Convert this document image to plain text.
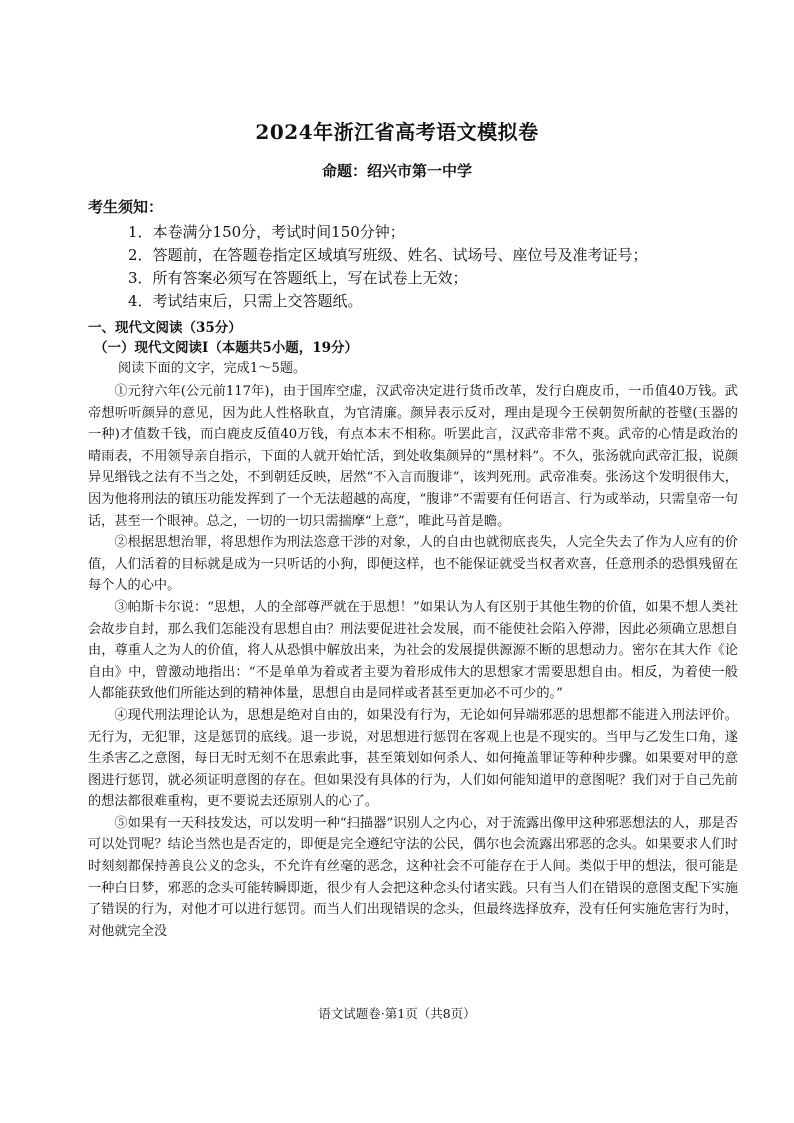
2024年浙江省高考语文模拟卷
命题：绍兴市第一中学
考生须知：
1．本卷满分150分，考试时间150分钟；
2．答题前，在答题卷指定区域填写班级、姓名、试场号、座位号及准考证号；
3．所有答案必须写在答题纸上，写在试卷上无效；
4．考试结束后，只需上交答题纸。
一、现代文阅读（35分）
（一）现代文阅读Ⅰ（本题共5小题，19分）

阅读下面的文字，完成1～5题。

①元狩六年(公元前117年)，由于国库空虚，汉武帝决定进行货币改革，发行白鹿皮币，一币值40万钱。武帝想听听颜异的意见，因为此人性格耿直，为官清廉。颜异表示反对，理由是现今王侯朝贺所献的苍璧(玉器的一种)才值数千钱，而白鹿皮反值40万钱，有点本末不相称。听罢此言，汉武帝非常不爽。武帝的心情是政治的晴雨表，不用领导亲自指示，下面的人就开始忙活，到处收集颜异的“黑材料”。不久，张汤就向武帝汇报，说颜异见缗钱之法有不当之处，不到朝廷反映，居然“不入言而腹诽”，该判死刑。武帝准奏。张汤这个发明很伟大，因为他将刑法的镇压功能发挥到了一个无法超越的高度，“腹诽”不需要有任何语言、行为或举动，只需皇帝一句话，甚至一个眼神。总之，一切的一切只需揣摩“上意”，唯此马首是瞻。

②根据思想治罪，将思想作为刑法恣意干涉的对象，人的自由也就彻底丧失，人完全失去了作为人应有的价值，人们活着的目标就是成为一只听话的小狗，即便这样，也不能保证就受当权者欢喜，任意刑杀的恐惧残留在每个人的心中。

③帕斯卡尔说：“思想，人的全部尊严就在于思想！”如果认为人有区别于其他生物的价值，如果不想人类社会故步自封，那么我们怎能没有思想自由？刑法要促进社会发展，而不能使社会陷入停滞，因此必须确立思想自由，尊重人之为人的价值，将人从恐惧中解放出来，为社会的发展提供源源不断的思想动力。密尔在其大作《论自由》中，曾激动地指出：“不是单单为着或者主要为着形成伟大的思想家才需要思想自由。相反，为着使一般人都能获致他们所能达到的精神体量，思想自由是同样或者甚至更加必不可少的。”

④现代刑法理论认为，思想是绝对自由的，如果没有行为，无论如何异端邪恶的思想都不能进入刑法评价。无行为，无犯罪，这是惩罚的底线。退一步说，对思想进行惩罚在客观上也是不现实的。当甲与乙发生口角，遂生杀害乙之意图，每日无时无刻不在思索此事，甚至策划如何杀人、如何掩盖罪证等种种步骤。如果要对甲的意图进行惩罚，就必须证明意图的存在。但如果没有具体的行为，人们如何能知道甲的意图呢？我们对于自己先前的想法都很难重构，更不要说去还原别人的心了。

⑤如果有一天科技发达，可以发明一种“扫描器”识别人之内心，对于流露出像甲这种邪恶想法的人，那是否可以处罚呢？结论当然也是否定的，即便是完全遵纪守法的公民，偶尔也会流露出邪恶的念头。如果要求人们时时刻刻都保持善良公义的念头，不允许有丝毫的恶念，这种社会不可能存在于人间。类似于甲的想法，很可能是一种白日梦，邪恶的念头可能转瞬即逝，很少有人会把这种念头付诸实践。只有当人们在错误的意图支配下实施了错误的行为，对他才可以进行惩罚。而当人们出现错误的念头，但最终选择放弃，没有任何实施危害行为时，对他就完全没

语文试题卷·第1页（共8页）
